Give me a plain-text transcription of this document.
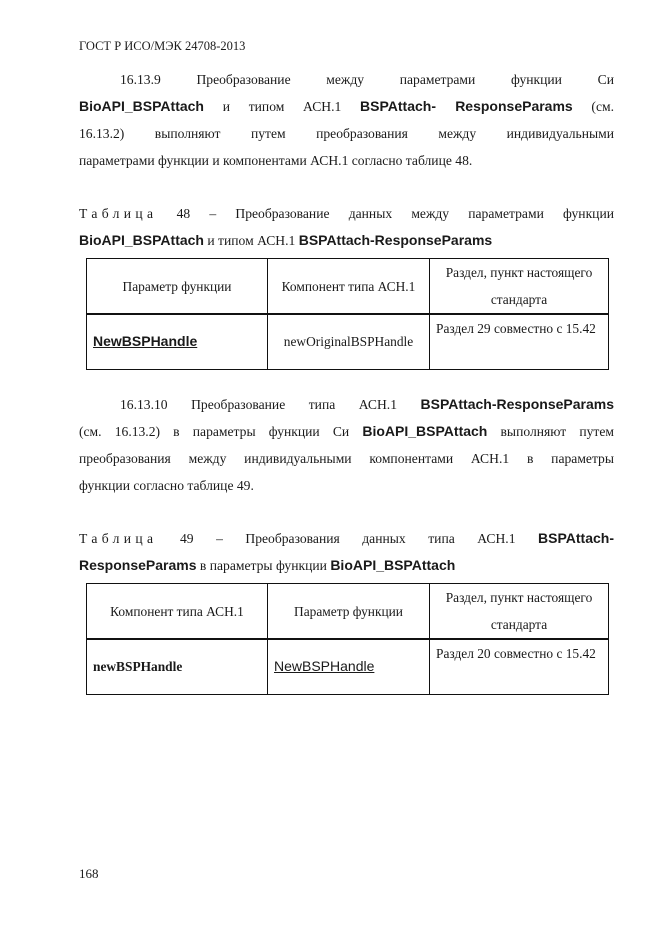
ГОСТ Р ИСО/МЭК 24708-2013
16.13.9 Преобразование между параметрами функции Си
BioAPI_BSPAttach и типом АСН.1 BSPAttach- ResponseParams (см.
16.13.2) выполняют путем преобразования между индивидуальными
параметрами функции и компонентами АСН.1 согласно таблице 48.
Таблица 48 – Преобразование данных между параметрами функции
BioAPI_BSPAttach и типом АСН.1 BSPAttach-ResponseParams
Параметр функции	Компонент типа АСН.1	Раздел, пункт настоящего стандарта
NewBSPHandle	newOriginalBSPHandle	Раздел 29 совместно с 15.42
16.13.10 Преобразование типа АСН.1 BSPAttach-ResponseParams
(см. 16.13.2) в параметры функции Си BioAPI_BSPAttach выполняют путем
преобразования между индивидуальными компонентами АСН.1 в параметры
функции согласно таблице 49.
Таблица 49 – Преобразования данных типа АСН.1 BSPAttach-
ResponseParams в параметры функции BioAPI_BSPAttach
Компонент типа АСН.1	Параметр функции	Раздел, пункт настоящего стандарта
newBSPHandle	NewBSPHandle	Раздел 20 совместно с 15.42
168
